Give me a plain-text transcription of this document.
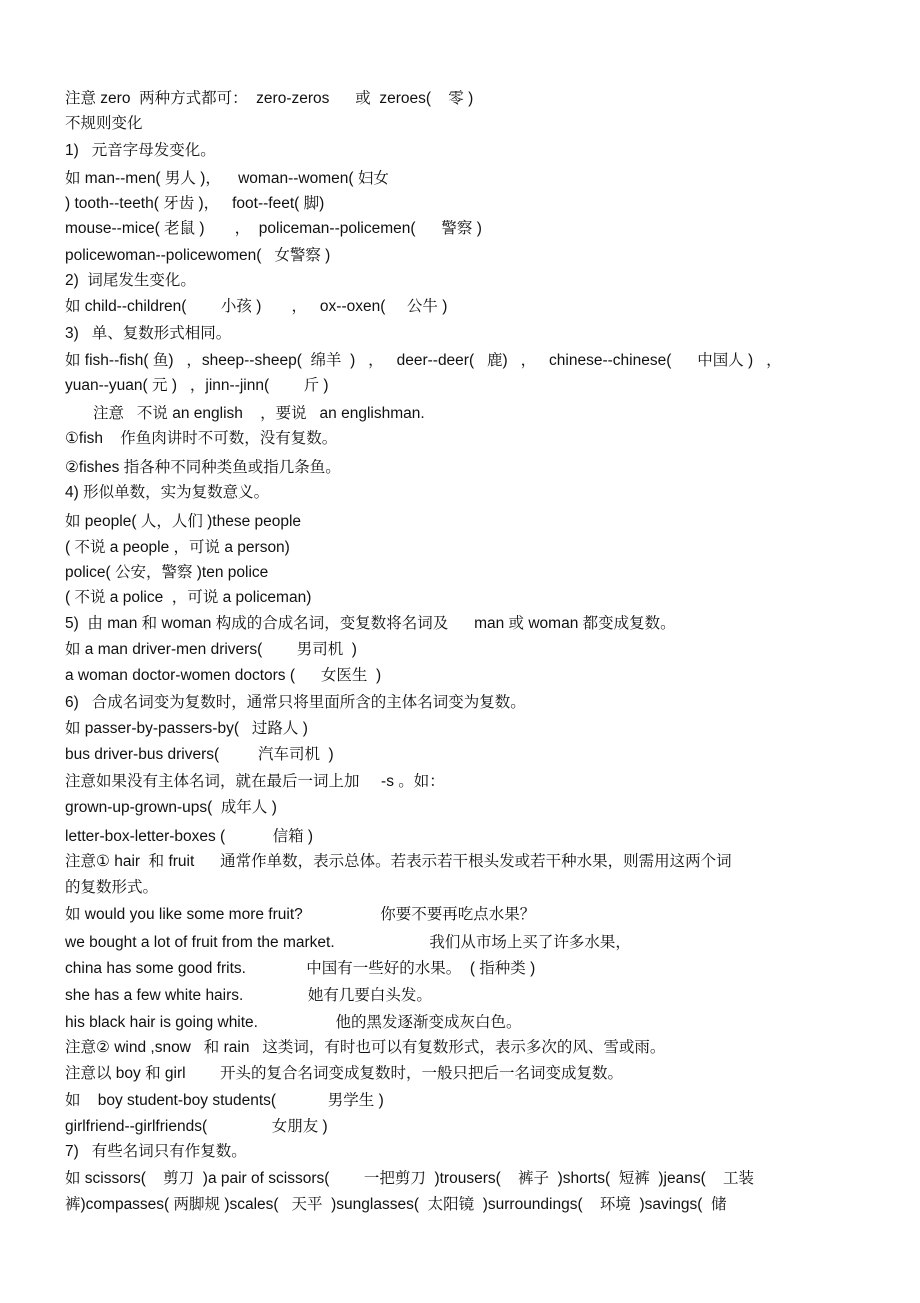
注意 zero  两种方式都可：  zero-zeros      或  zeroes(    零 )
不规则变化
1)   元音字母发变化。
如 man--men( 男人 )，    woman--women( 妇女
) tooth--teeth( 牙齿 )，   foot--feet( 脚)
mouse--mice( 老鼠 )       ，  policeman--policemen(      警察 )
policewoman--policewomen(   女警察 )
2)  词尾发生变化。
如 child--children(        小孩 )       ，   ox--oxen(     公牛 )
3)   单、复数形式相同。
如 fish--fish( 鱼)   ，sheep--sheep(  绵羊  )   ，   deer--deer(   鹿)   ，   chinese--chinese(      中国人 )   ，
yuan--yuan( 元 )   ，jinn--jinn(        斤 )
注意   不说 an english    ，要说   an englishman.
①fish    作鱼肉讲时不可数，没有复数。
②fishes 指各种不同种类鱼或指几条鱼。
4) 形似单数，实为复数意义。
如 people( 人，人们 )these people
( 不说 a people ，可说 a person)
police( 公安，警察 )ten police
( 不说 a police  ，可说 a policeman)
5)  由 man 和 woman 构成的合成名词，变复数将名词及      man 或 woman 都变成复数。
如 a man driver-men drivers(        男司机  )
a woman doctor-women doctors (      女医生  )
6)   合成名词变为复数时，通常只将里面所含的主体名词变为复数。
如 passer-by-passers-by(   过路人 )
bus driver-bus drivers(         汽车司机  )
注意如果没有主体名词，就在最后一词上加     -s 。如：
grown-up-grown-ups(  成年人 )
letter-box-letter-boxes (           信箱 )
注意① hair  和 fruit      通常作单数，表示总体。若表示若干根头发或若干种水果，则需用这两个词
的复数形式。
如 would you like some more fruit?                  你要不要再吃点水果？
we bought a lot of fruit from the market.                      我们从市场上买了许多水果，
china has some good frits.              中国有一些好的水果。  ( 指种类 )
she has a few white hairs.               她有几要白头发。
his black hair is going white.                  他的黑发逐渐变成灰白色。
注意② wind ,snow   和 rain   这类词，有时也可以有复数形式，表示多次的风、雪或雨。
注意以 boy 和 girl        开头的复合名词变成复数时，一般只把后一名词变成复数。
如    boy student-boy students(            男学生 )
girlfriend--girlfriends(               女朋友 )
7)   有些名词只有作复数。
如 scissors(    剪刀  )a pair of scissors(        一把剪刀  )trousers(    裤子  )shorts(  短裤  )jeans(    工装
裤)compasses( 两脚规 )scales(   天平  )sunglasses(  太阳镜  )surroundings(    环境  )savings(  储
